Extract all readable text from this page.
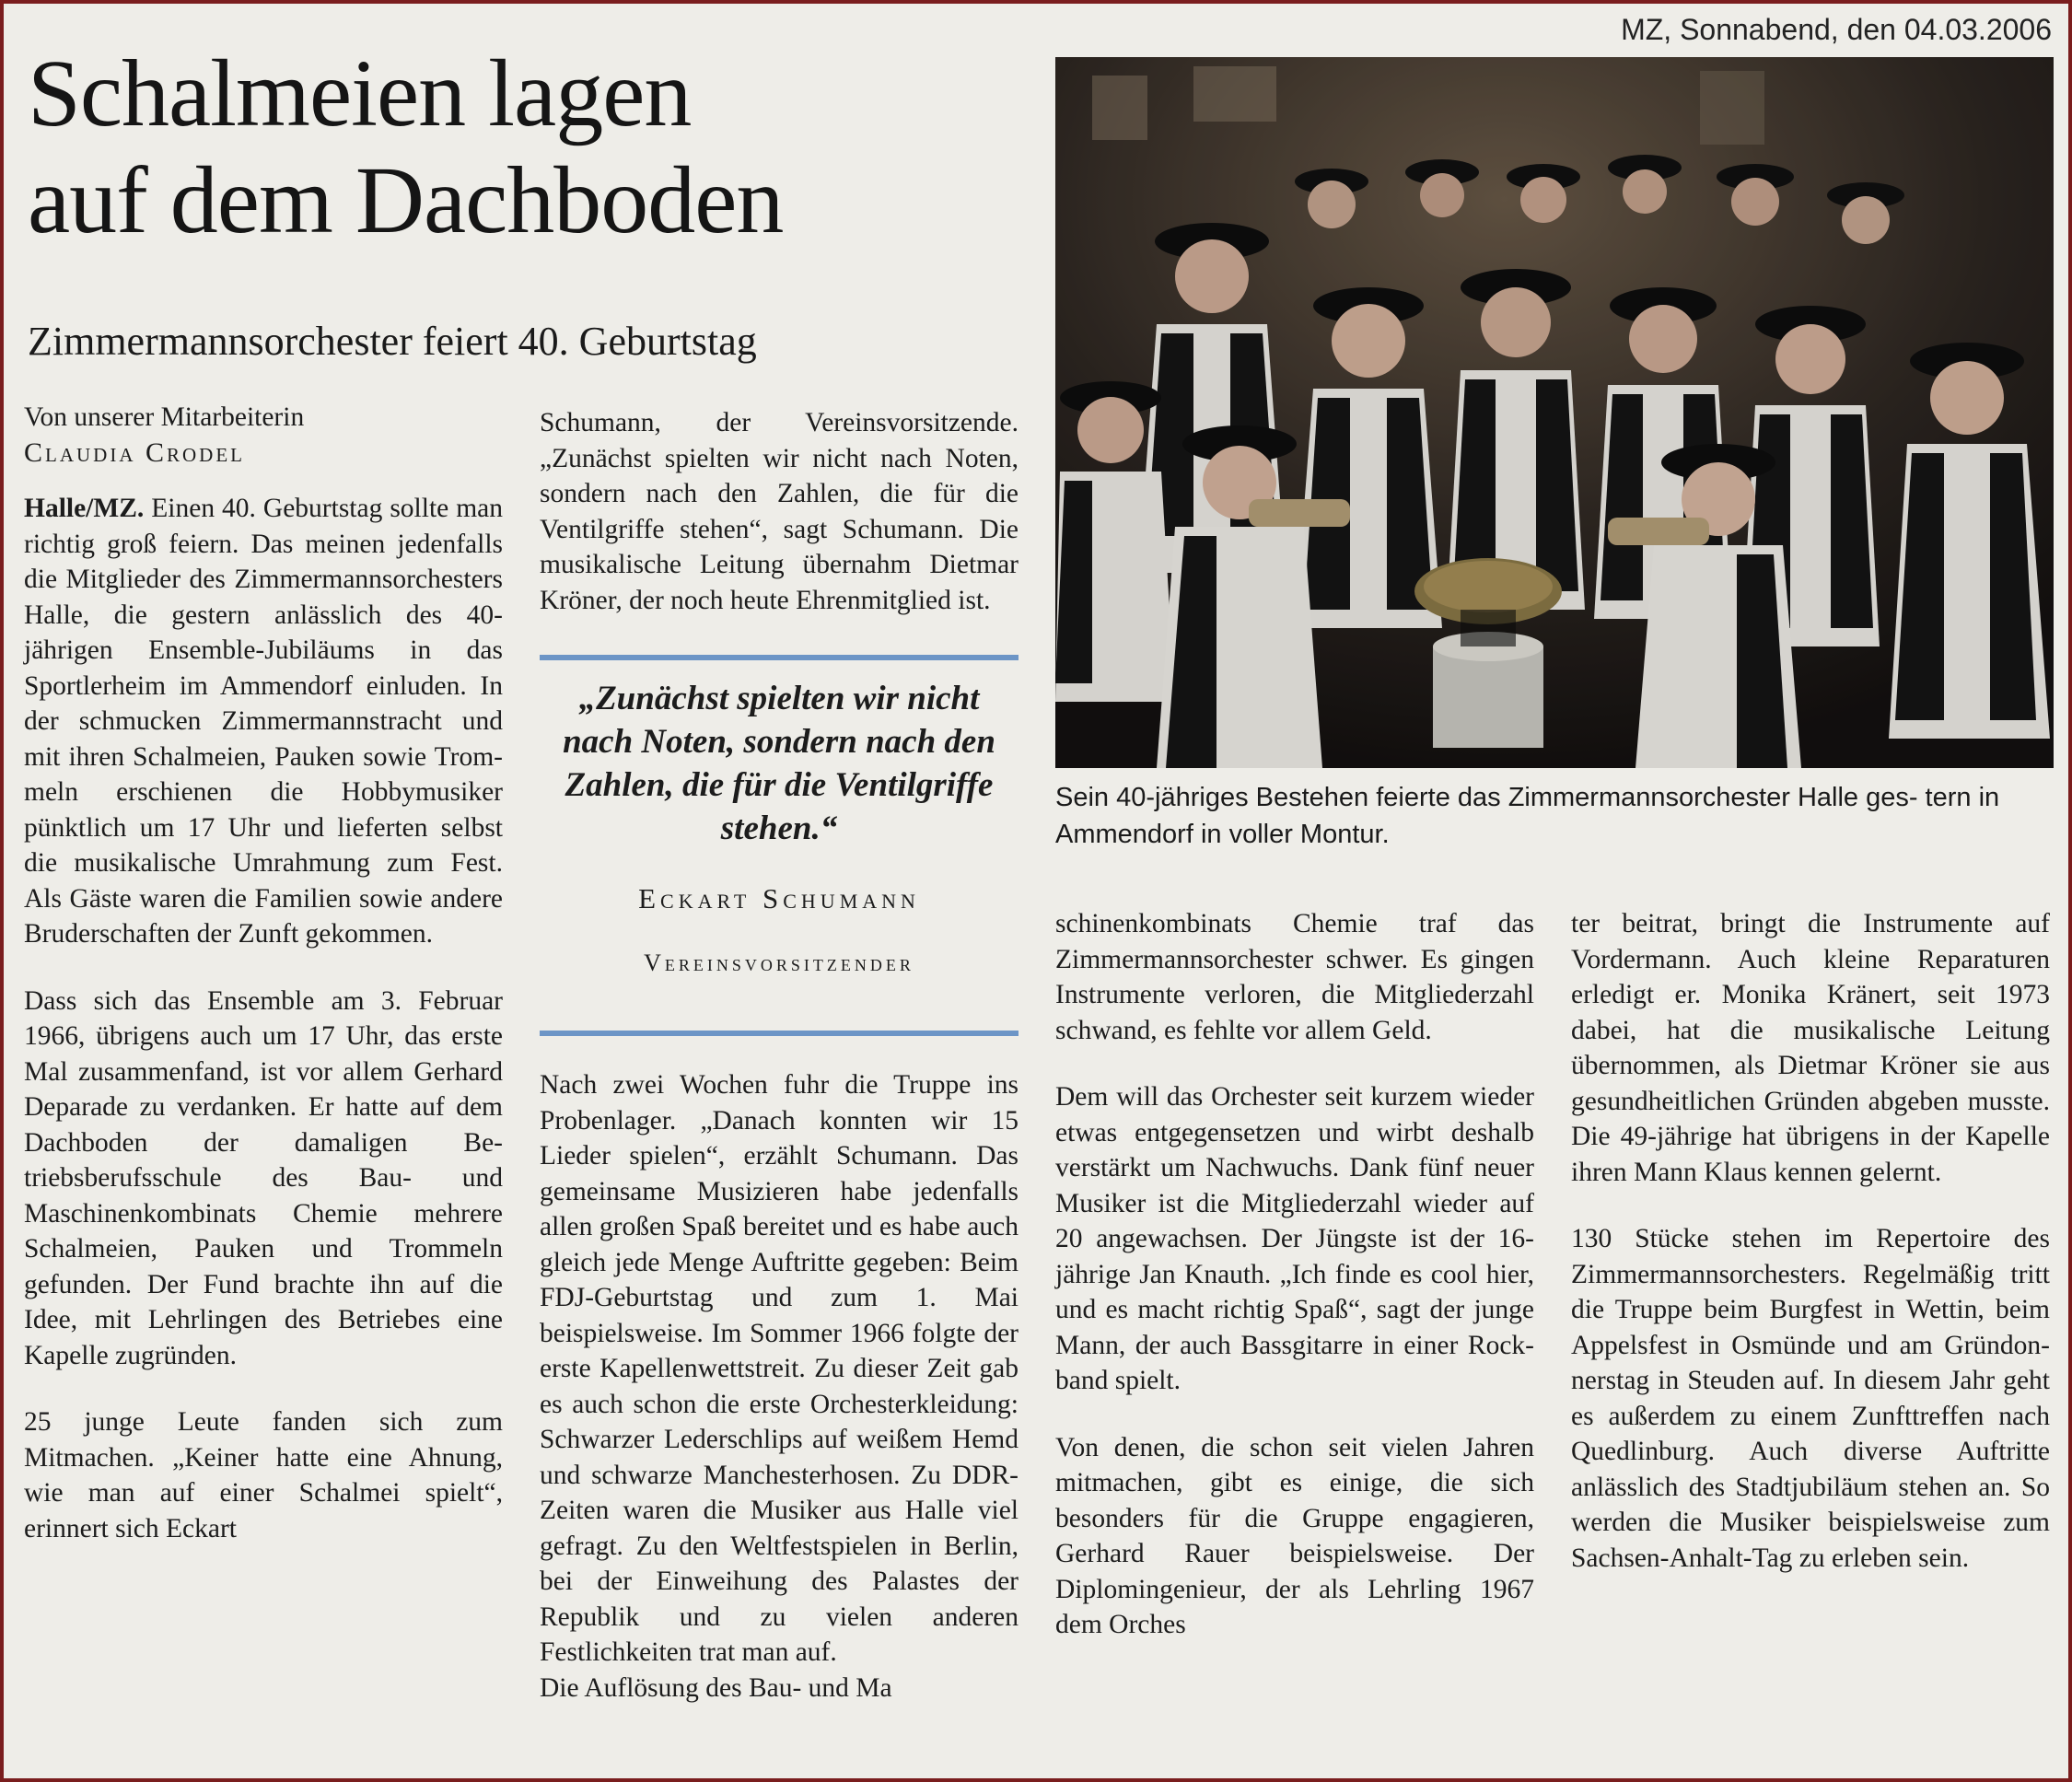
MZ, Sonnabend, den 04.03.2006
Schalmeien lagen
auf dem Dachboden
Zimmermannsorchester feiert 40. Geburtstag

Von unserer Mitarbeiterin
Claudia Crodel

Halle/MZ. Einen 40. Geburtstag sollte man richtig groß feiern. Das meinen jedenfalls die Mitglieder des Zimmermannsorchesters Halle, die gestern anlässlich des 40-jährigen Ensemble-Jubiläums in das Sportlerheim im Ammendorf einluden. In der schmucken Zimmermannstracht und mit ihren Schalmeien, Pauken sowie Trommeln erschienen die Hobbymusiker pünktlich um 17 Uhr und lieferten selbst die musikalische Umrahmung zum Fest. Als Gäste waren die Familien sowie andere Bruderschaften der Zunft gekommen.

Dass sich das Ensemble am 3. Februar 1966, übrigens auch um 17 Uhr, das erste Mal zusammenfand, ist vor allem Gerhard Deparade zu verdanken. Er hatte auf dem Dachboden der damaligen Betriebsberufsschule des Bau- und Maschinenkombinats Chemie mehrere Schalmeien, Pauken und Trommeln gefunden. Der Fund brachte ihn auf die Idee, mit Lehrlingen des Betriebes eine Kapelle zugründen.

25 junge Leute fanden sich zum Mitmachen. „Keiner hatte eine Ahnung, wie man auf einer Schalmei spielt“, erinnert sich Eckart

Schumann, der Vereinsvorsitzende. „Zunächst spielten wir nicht nach Noten, sondern nach den Zahlen, die für die Ventilgriffe stehen“, sagt Schumann. Die musikalische Leitung übernahm Dietmar Kröner, der noch heute Ehrenmitglied ist.

„Zunächst spielten wir nicht nach Noten, sondern nach den Zahlen, die für die Ventilgriffe stehen.“

Eckart Schumann

Vereinsvorsitzender

Nach zwei Wochen fuhr die Truppe ins Probenlager. „Danach konnten wir 15 Lieder spielen“, erzählt Schumann. Das gemeinsame Musizieren habe jedenfalls allen großen Spaß bereitet und es habe auch gleich jede Menge Auftritte gegeben: Beim FDJ-Geburtstag und zum 1. Mai beispielsweise. Im Sommer 1966 folgte der erste Kapellenwettstreit. Zu dieser Zeit gab es auch schon die erste Orchesterkleidung: Schwarzer Lederschlips auf weißem Hemd und schwarze Manchesterhosen. Zu DDR-Zeiten waren die Musiker aus Halle viel gefragt. Zu den Weltfestspielen in Berlin, bei der Einweihung des Palastes der Republik und zu vielen anderen Festlichkeiten trat man auf.

Die Auflösung des Bau- und Ma

Sein 40-jähriges Bestehen feierte das Zimmermannsorchester Halle ges- tern in Ammendorf in voller Montur.

schinenkombinats Chemie traf das Zimmermannsorchester schwer. Es gingen Instrumente verloren, die Mitgliederzahl schwand, es fehlte vor allem Geld.

Dem will das Orchester seit kurzem wieder etwas entgegensetzen und wirbt deshalb verstärkt um Nachwuchs. Dank fünf neuer Musiker ist die Mitgliederzahl wieder auf 20 angewachsen. Der Jüngste ist der 16-jährige Jan Knauth. „Ich finde es cool hier, und es macht richtig Spaß“, sagt der junge Mann, der auch Bassgitarre in einer Rockband spielt.

Von denen, die schon seit vielen Jahren mitmachen, gibt es einige, die sich besonders für die Gruppe engagieren, Gerhard Rauer beispielsweise. Der Diplomingenieur, der als Lehrling 1967 dem Orches

ter beitrat, bringt die Instrumente auf Vordermann. Auch kleine Reparaturen erledigt er. Monika Kränert, seit 1973 dabei, hat die musikalische Leitung übernommen, als Dietmar Kröner sie aus gesundheitlichen Gründen abgeben musste. Die 49-jährige hat übrigens in der Kapelle ihren Mann Klaus kennen gelernt.

130 Stücke stehen im Repertoire des Zimmermannsorchesters. Regelmäßig tritt die Truppe beim Burgfest in Wettin, beim Appelsfest in Osmünde und am Gründonnerstag in Steuden auf. In diesem Jahr geht es außerdem zu einem Zunfttreffen nach Quedlinburg. Auch diverse Auftritte anlässlich des Stadtjubiläum stehen an. So werden die Musiker beispielsweise zum Sachsen-Anhalt-Tag zu erleben sein.
